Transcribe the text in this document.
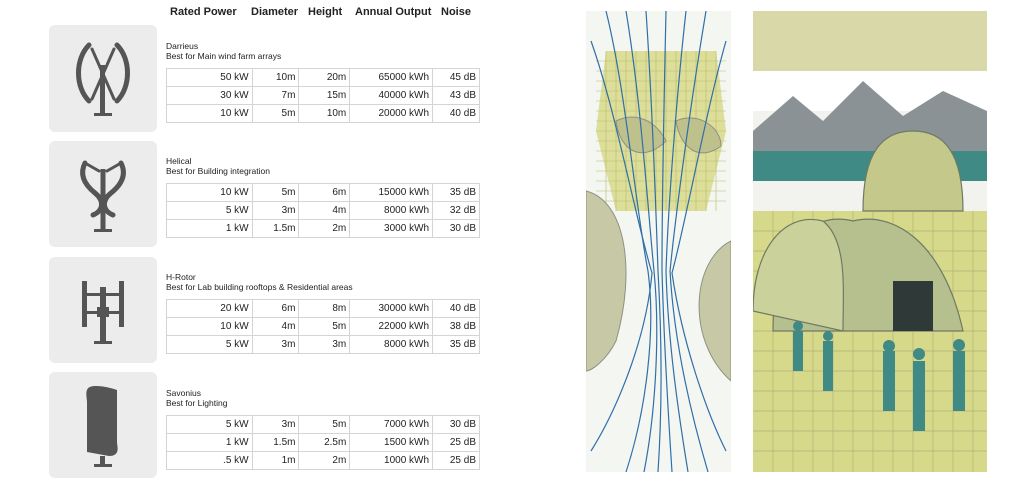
Rated Power Diameter Height Annual Output Noise
Darrieus
Best for Main wind farm arrays
50 kW	10m	20m	65000 kWh	45 dB
30 kW	7m	15m	40000 kWh	43 dB
10 kW	5m	10m	20000 kWh	40 dB
Helical
Best for Building integration
10 kW	5m	6m	15000 kWh	35 dB
5 kW	3m	4m	8000 kWh	32 dB
1 kW	1.5m	2m	3000 kWh	30 dB
H-Rotor
Best for Lab building rooftops & Residential areas
20 kW	6m	8m	30000 kWh	40 dB
10 kW	4m	5m	22000 kWh	38 dB
5 kW	3m	3m	8000 kWh	35 dB
Savonius
Best for Lighting
5 kW	3m	5m	7000 kWh	30 dB
1 kW	1.5m	2.5m	1500 kWh	25 dB
.5 kW	1m	2m	1000 kWh	25 dB
